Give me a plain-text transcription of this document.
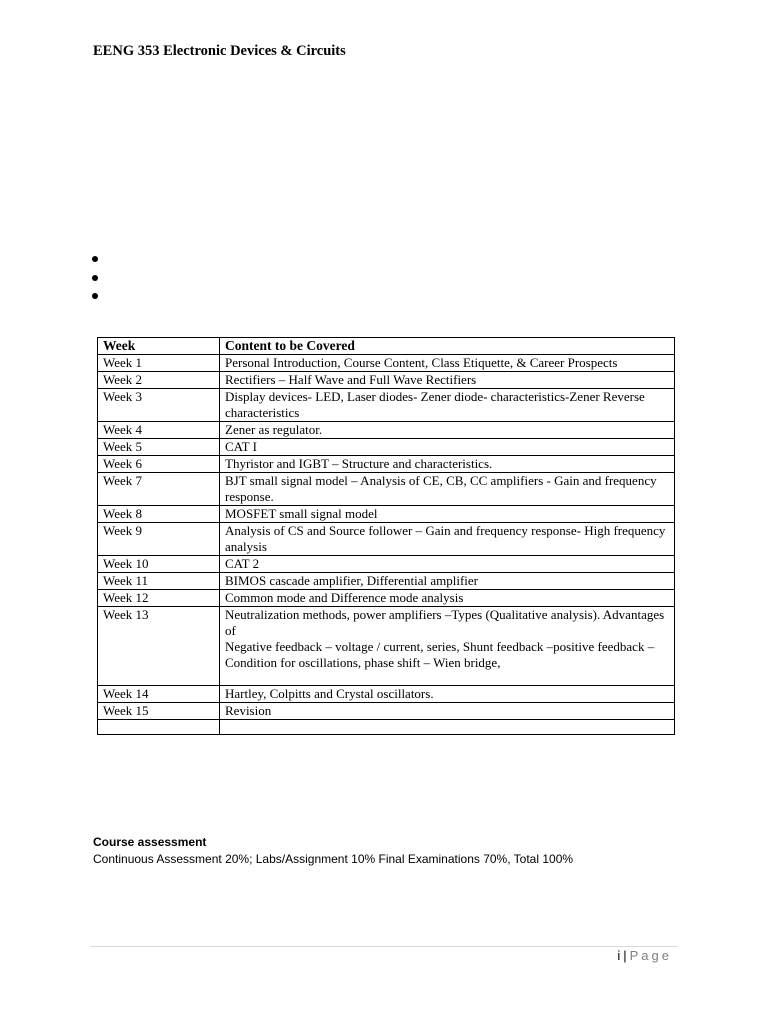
EENG 353 Electronic Devices & Circuits
Week	Content to be Covered
Week 1	Personal Introduction, Course Content, Class Etiquette, & Career Prospects
Week 2	Rectifiers – Half Wave and Full Wave Rectifiers
Week 3	Display devices- LED, Laser diodes- Zener diode- characteristics-Zener Reverse characteristics
Week 4	Zener as regulator.
Week 5	CAT I
Week 6	Thyristor and IGBT – Structure and characteristics.
Week 7	BJT small signal model – Analysis of CE, CB, CC amplifiers - Gain and frequency response.
Week 8	MOSFET small signal model
Week 9	Analysis of CS and Source follower – Gain and frequency response- High frequency analysis
Week 10	CAT 2
Week 11	BIMOS cascade amplifier, Differential amplifier
Week 12	Common mode and Difference mode analysis
Week 13	Neutralization methods, power amplifiers –Types (Qualitative analysis). Advantages of
Negative feedback – voltage / current, series, Shunt feedback –positive feedback – Condition for oscillations, phase shift – Wien bridge,
Week 14	Hartley, Colpitts and Crystal oscillators.
Week 15	Revision

Course assessment
Continuous Assessment 20%; Labs/Assignment 10% Final Examinations 70%, Total 100%
i | Page
